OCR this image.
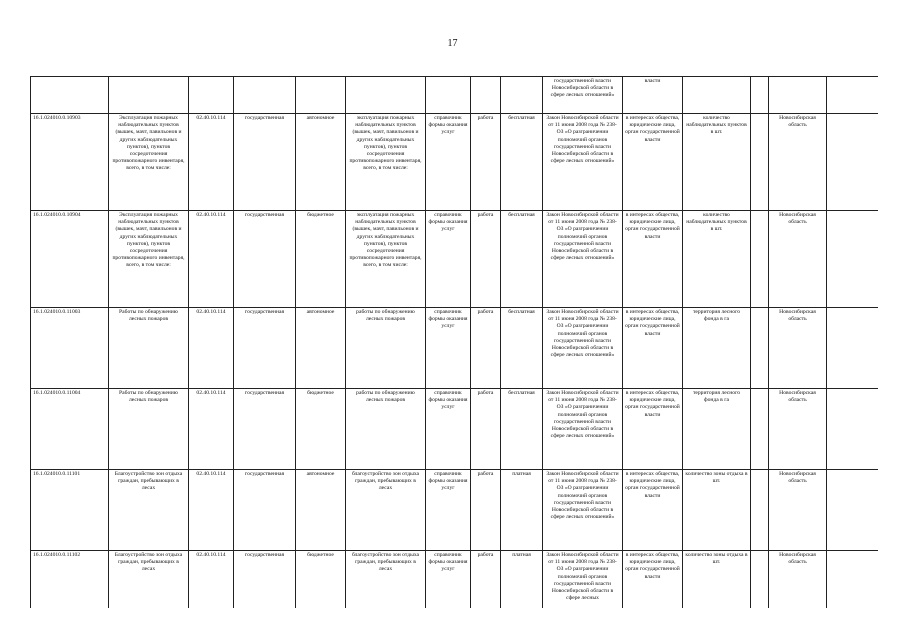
17
									государственной власти Новосибирской области в сфере лесных отношений»	власти				
16.1.024010.0.10903	Эксплуатация пожарных наблюдательных пунктов (вышек, мачт, павильонов и других наблюдательных пунктов), пунктов сосредоточения противопожарного инвентаря, всего, в том числе:	02.40.10.114	государственная	автономное	эксплуатация пожарных наблюдательных пунктов (вышек, мачт, павильонов и других наблюдательных пунктов), пунктов сосредоточения противопожарного инвентаря, всего, в том числе:	справочник формы оказания услуг	работа	бесплатная	Закон Новосибирской области от 11 июня 2008 года № 238-ОЗ «О разграничении полномочий органов государственной власти Новосибирской области в сфере лесных отношений»	в интересах общества, юридические лица, орган государственной власти	количество наблюдательных пунктов в шт.		Новосибирская область	
16.1.024010.0.10904	Эксплуатация пожарных наблюдательных пунктов (вышек, мачт, павильонов и других наблюдательных пунктов), пунктов сосредоточения противопожарного инвентаря, всего, в том числе:	02.40.10.114	государственная	бюджетное	эксплуатация пожарных наблюдательных пунктов (вышек, мачт, павильонов и других наблюдательных пунктов), пунктов сосредоточения противопожарного инвентаря, всего, в том числе:	справочник формы оказания услуг	работа	бесплатная	Закон Новосибирской области от 11 июня 2008 года № 238-ОЗ «О разграничении полномочий органов государственной власти Новосибирской области в сфере лесных отношений»	в интересах общества, юридические лица, орган государственной власти	количество наблюдательных пунктов в шт.		Новосибирская область	
16.1.024010.0.11003	Работы по обнаружению лесных пожаров	02.40.10.114	государственная	автономное	работы по обнаружению лесных пожаров	справочник формы оказания услуг	работа	бесплатная	Закон Новосибирской области от 11 июня 2008 года № 238-ОЗ «О разграничении полномочий органов государственной власти Новосибирской области в сфере лесных отношений»	в интересах общества, юридические лица, орган государственной власти	территория лесного фонда в га		Новосибирская область	
16.1.024010.0.11004	Работы по обнаружению лесных пожаров	02.40.10.114	государственная	бюджетное	работы по обнаружению лесных пожаров	справочник формы оказания услуг	работа	бесплатная	Закон Новосибирской области от 11 июня 2008 года № 238-ОЗ «О разграничении полномочий органов государственной власти Новосибирской области в сфере лесных отношений»	в интересах общества, юридические лица, орган государственной власти	территория лесного фонда в га		Новосибирская область	
16.1.024010.0.11101	Благоустройство зон отдыха граждан, пребывающих в лесах	02.40.10.114	государственная	автономное	благоустройство зон отдыха граждан, пребывающих в лесах	справочник формы оказания услуг	работа	платная	Закон Новосибирской области от 11 июня 2008 года № 238-ОЗ «О разграничении полномочий органов государственной власти Новосибирской области в сфере лесных отношений»	в интересах общества, юридические лица, орган государственной власти	количество зоны отдыха в шт.		Новосибирская область	
16.1.024010.0.11102	Благоустройство зон отдыха граждан, пребывающих в лесах	02.40.10.114	государственная	бюджетное	благоустройство зон отдыха граждан, пребывающих в лесах	справочник формы оказания услуг	работа	платная	Закон Новосибирской области от 11 июня 2008 года № 238-ОЗ «О разграничении полномочий органов государственной власти Новосибирской области в сфере лесных	в интересах общества, юридические лица, орган государственной власти	количество зоны отдыха в шт.		Новосибирская область	
